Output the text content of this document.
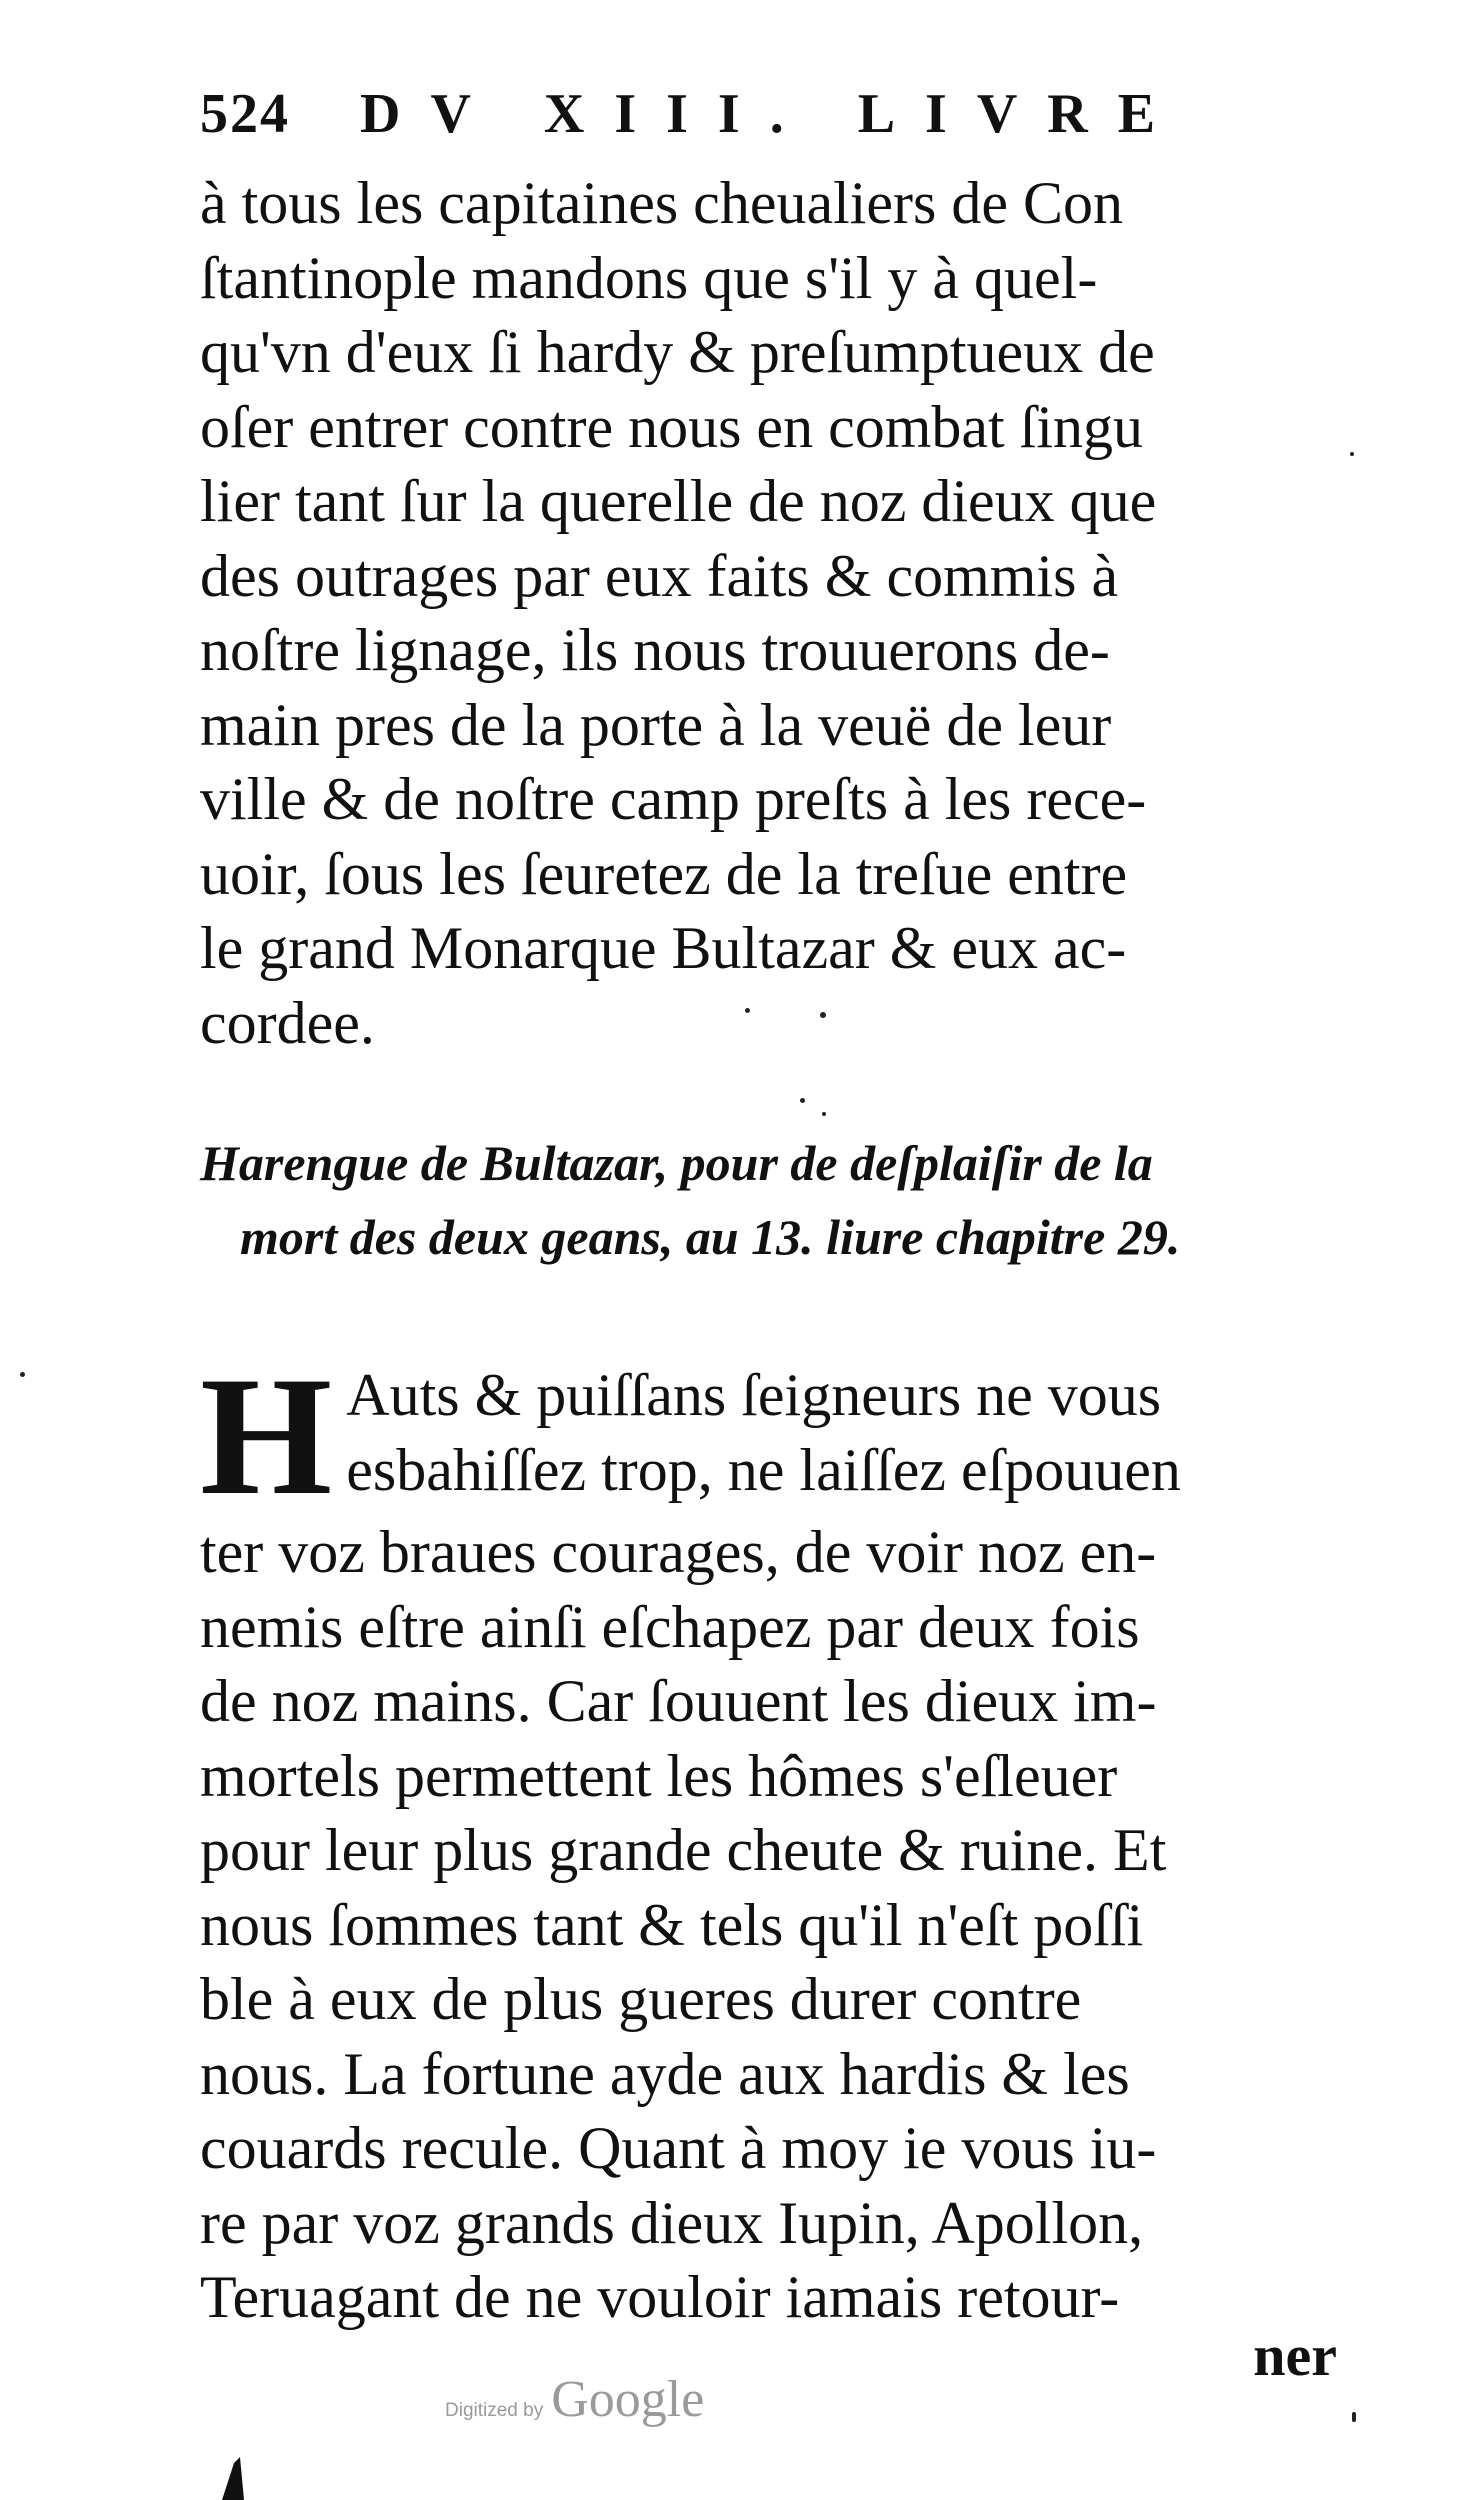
524 DV XIII. LIVRE
à tous les capitaines cheualiers de Con
ſtantinople mandons que s'il y à quel-
qu'vn d'eux ſi hardy & preſumptueux de
oſer entrer contre nous en combat ſingu
lier tant ſur la querelle de noz dieux que
des outrages par eux faits & commis à
noſtre lignage, ils nous trouuerons de-
main pres de la porte à la veuë de leur
ville & de noſtre camp preſts à les rece-
uoir, ſous les ſeuretez de la treſue entre
le grand Monarque Bultazar & eux ac-
cordee.
Harengue de Bultazar, pour de deſplaiſir de la
mort des deux geans, au 13. liure chapitre 29.
H Auts & puiſſans ſeigneurs ne vous
esbahiſſez trop, ne laiſſez eſpouuen
ter voz braues courages, de voir noz en-
nemis eſtre ainſi eſchapez par deux fois
de noz mains. Car ſouuent les dieux im-
mortels permettent les hômes s'eſleuer
pour leur plus grande cheute & ruine. Et
nous ſommes tant & tels qu'il n'eſt poſſi
ble à eux de plus gueres durer contre
nous. La fortune ayde aux hardis & les
couards recule. Quant à moy ie vous iu-
re par voz grands dieux Iupin, Apollon,
Teruagant de ne vouloir iamais retour-
ner
Digitized by Google
